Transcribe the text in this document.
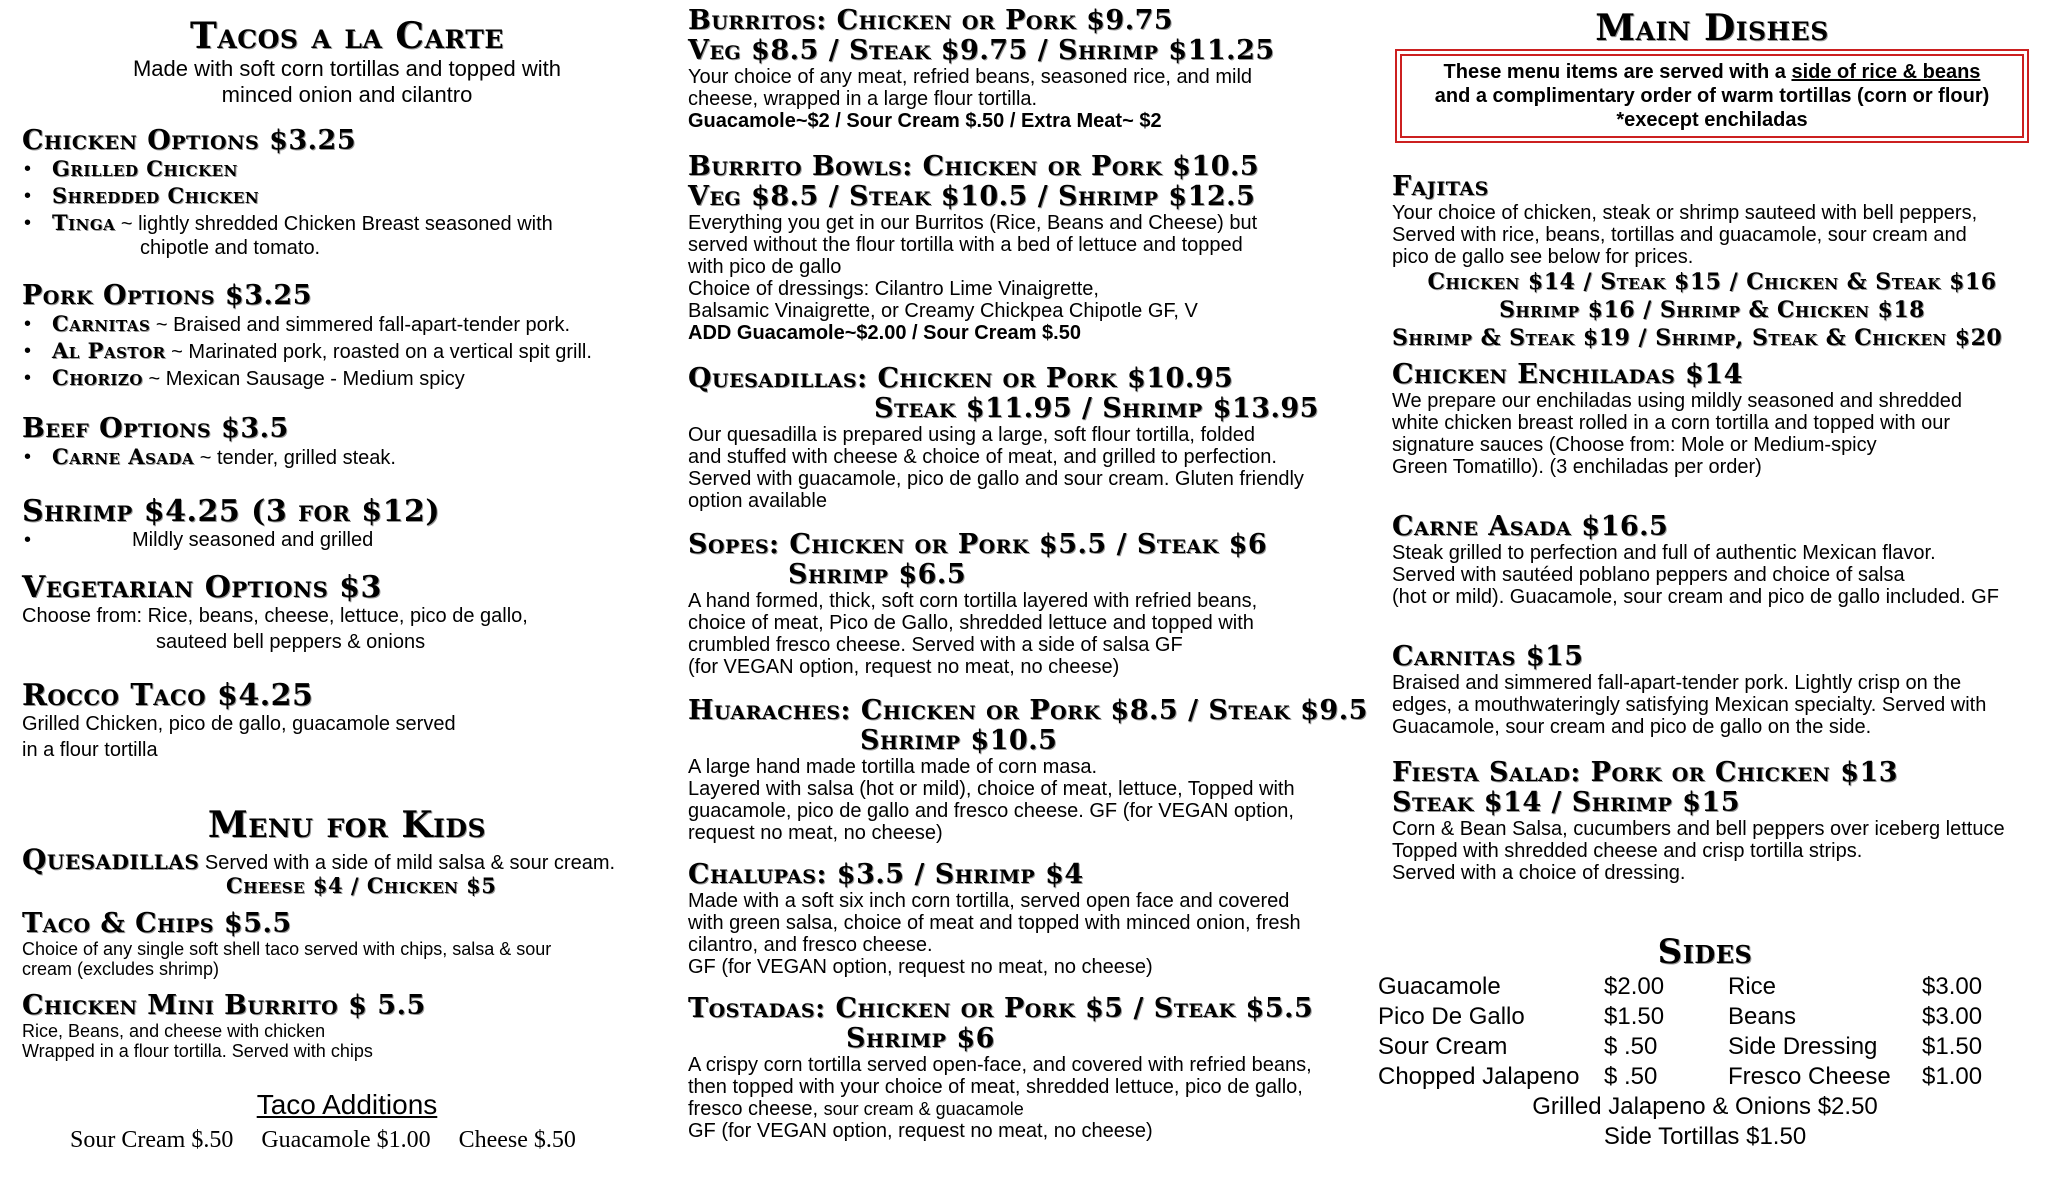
Tacos a la Carte
Made with soft corn tortillas and topped with
minced onion and cilantro
Chicken Options $3.25
• Grilled Chicken
• Shredded Chicken
• Tinga ~ lightly shredded Chicken Breast seasoned with
chipotle and tomato.
Pork Options $3.25
• Carnitas ~ Braised and simmered fall-apart-tender pork.
• Al Pastor ~ Marinated pork, roasted on a vertical spit grill.
• Chorizo ~ Mexican Sausage - Medium spicy
Beef Options $3.5
• Carne Asada ~ tender, grilled steak.
Shrimp $4.25 (3 for $12)
• Mildly seasoned and grilled
Vegetarian Options $3
Choose from: Rice, beans, cheese, lettuce, pico de gallo,
sauteed bell peppers & onions
Rocco Taco $4.25
Grilled Chicken, pico de gallo, guacamole served
in a flour tortilla
Menu for Kids
Quesadillas Served with a side of mild salsa & sour cream.
Cheese $4 / Chicken $5
Taco & Chips $5.5
Choice of any single soft shell taco served with chips, salsa & sour
cream (excludes shrimp)
Chicken Mini Burrito $ 5.5
Rice, Beans, and cheese with chicken
Wrapped in a flour tortilla. Served with chips
Taco Additions
Sour Cream $.50 Guacamole $1.00 Cheese $.50
Burritos: Chicken or Pork $9.75
Veg $8.5 / Steak $9.75 / Shrimp $11.25
Your choice of any meat, refried beans, seasoned rice, and mild
cheese, wrapped in a large flour tortilla.
Guacamole~$2 / Sour Cream $.50 / Extra Meat~ $2
Burrito Bowls: Chicken or Pork $10.5
Veg $8.5 / Steak $10.5 / Shrimp $12.5
Everything you get in our Burritos (Rice, Beans and Cheese) but
served without the flour tortilla with a bed of lettuce and topped
with pico de gallo
Choice of dressings: Cilantro Lime Vinaigrette,
Balsamic Vinaigrette, or Creamy Chickpea Chipotle GF, V
ADD Guacamole~$2.00 / Sour Cream $.50
Quesadillas: Chicken or Pork $10.95
Steak $11.95 / Shrimp $13.95
Our quesadilla is prepared using a large, soft flour tortilla, folded
and stuffed with cheese & choice of meat, and grilled to perfection.
Served with guacamole, pico de gallo and sour cream. Gluten friendly
option available
Sopes: Chicken or Pork $5.5 / Steak $6
Shrimp $6.5
A hand formed, thick, soft corn tortilla layered with refried beans,
choice of meat, Pico de Gallo, shredded lettuce and topped with
crumbled fresco cheese. Served with a side of salsa GF
(for VEGAN option, request no meat, no cheese)
Huaraches: Chicken or Pork $8.5 / Steak $9.5
Shrimp $10.5
A large hand made tortilla made of corn masa.
Layered with salsa (hot or mild), choice of meat, lettuce, Topped with
guacamole, pico de gallo and fresco cheese. GF (for VEGAN option,
request no meat, no cheese)
Chalupas: $3.5 / Shrimp $4
Made with a soft six inch corn tortilla, served open face and covered
with green salsa, choice of meat and topped with minced onion, fresh
cilantro, and fresco cheese.
GF (for VEGAN option, request no meat, no cheese)
Tostadas: Chicken or Pork $5 / Steak $5.5
Shrimp $6
A crispy corn tortilla served open-face, and covered with refried beans,
then topped with your choice of meat, shredded lettuce, pico de gallo,
fresco cheese, sour cream & guacamole
GF (for VEGAN option, request no meat, no cheese)
Main Dishes
These menu items are served with a side of rice & beans
and a complimentary order of warm tortillas (corn or flour)
*execept enchiladas
Fajitas
Your choice of chicken, steak or shrimp sauteed with bell peppers,
Served with rice, beans, tortillas and guacamole, sour cream and
pico de gallo see below for prices.
Chicken $14 / Steak $15 / Chicken & Steak $16
Shrimp $16 / Shrimp & Chicken $18
Shrimp & Steak $19 / Shrimp, Steak & Chicken $20
Chicken Enchiladas $14
We prepare our enchiladas using mildly seasoned and shredded
white chicken breast rolled in a corn tortilla and topped with our
signature sauces (Choose from: Mole or Medium-spicy
Green Tomatillo). (3 enchiladas per order)
Carne Asada $16.5
Steak grilled to perfection and full of authentic Mexican flavor.
Served with sautéed poblano peppers and choice of salsa
(hot or mild). Guacamole, sour cream and pico de gallo included. GF
Carnitas $15
Braised and simmered fall-apart-tender pork. Lightly crisp on the
edges, a mouthwateringly satisfying Mexican specialty. Served with
Guacamole, sour cream and pico de gallo on the side.
Fiesta Salad: Pork or Chicken $13
Steak $14 / Shrimp $15
Corn & Bean Salsa, cucumbers and bell peppers over iceberg lettuce
Topped with shredded cheese and crisp tortilla strips.
Served with a choice of dressing.
Sides
Guacamole	$2.00	Rice	$3.00
Pico De Gallo	$1.50	Beans	$3.00
Sour Cream	$ .50	Side Dressing	$1.50
Chopped Jalapeno	$ .50	Fresco Cheese	$1.00
Grilled Jalapeno & Onions $2.50
Side Tortillas $1.50
